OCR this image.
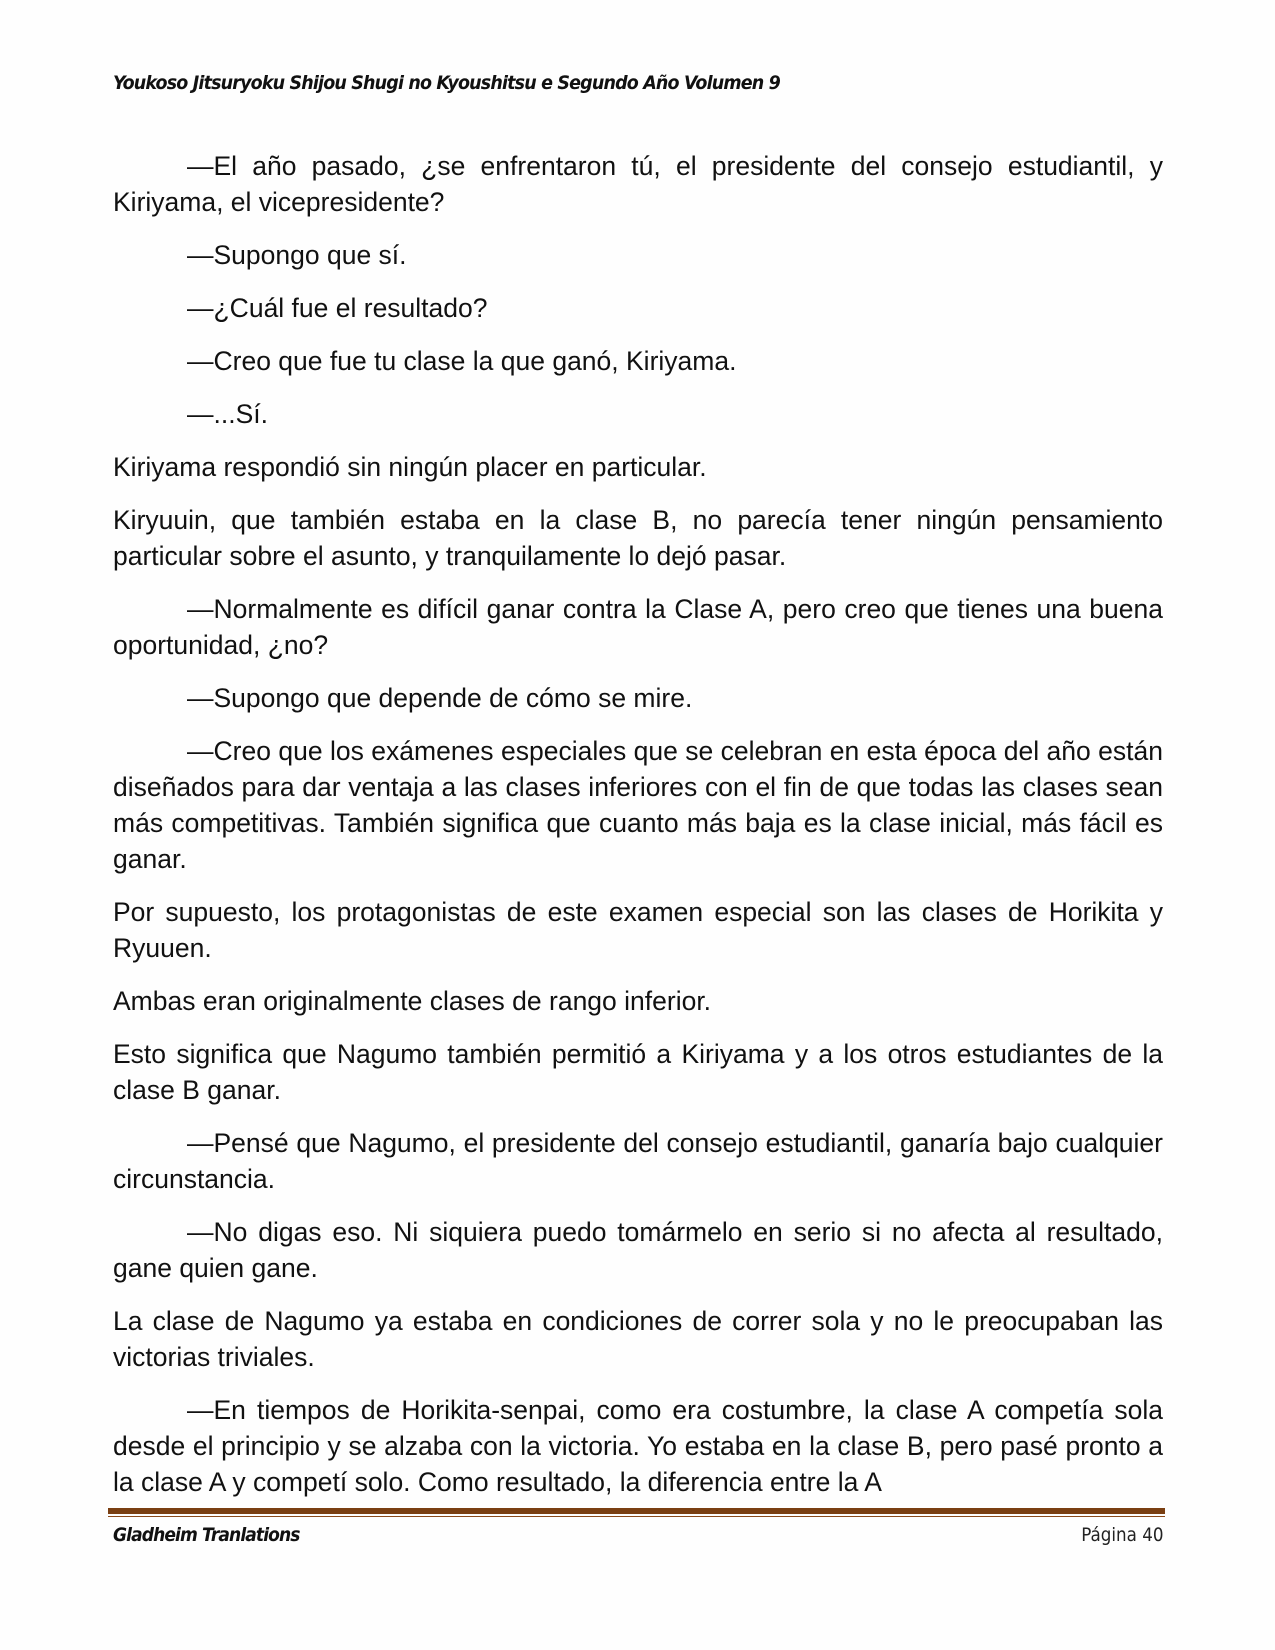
Youkoso Jitsuryoku Shijou Shugi no Kyoushitsu e Segundo Año Volumen 9

—El año pasado, ¿se enfrentaron tú, el presidente del consejo estudiantil, y Kiriyama, el vicepresidente?

—Supongo que sí.

—¿Cuál fue el resultado?

—Creo que fue tu clase la que ganó, Kiriyama.

—...Sí.

Kiriyama respondió sin ningún placer en particular.

Kiryuuin, que también estaba en la clase B, no parecía tener ningún pensamiento particular sobre el asunto, y tranquilamente lo dejó pasar.

—Normalmente es difícil ganar contra la Clase A, pero creo que tienes una buena oportunidad, ¿no?

—Supongo que depende de cómo se mire.

—Creo que los exámenes especiales que se celebran en esta época del año están diseñados para dar ventaja a las clases inferiores con el fin de que todas las clases sean más competitivas. También significa que cuanto más baja es la clase inicial, más fácil es ganar.

Por supuesto, los protagonistas de este examen especial son las clases de Horikita y Ryuuen.

Ambas eran originalmente clases de rango inferior.

Esto significa que Nagumo también permitió a Kiriyama y a los otros estudiantes de la clase B ganar.

—Pensé que Nagumo, el presidente del consejo estudiantil, ganaría bajo cualquier circunstancia.

—No digas eso. Ni siquiera puedo tomármelo en serio si no afecta al resultado, gane quien gane.

La clase de Nagumo ya estaba en condiciones de correr sola y no le preocupaban las victorias triviales.

—En tiempos de Horikita-senpai, como era costumbre, la clase A competía sola desde el principio y se alzaba con la victoria. Yo estaba en la clase B, pero pasé pronto a la clase A y competí solo. Como resultado, la diferencia entre la A

Gladheim Tranlations	Página 40
